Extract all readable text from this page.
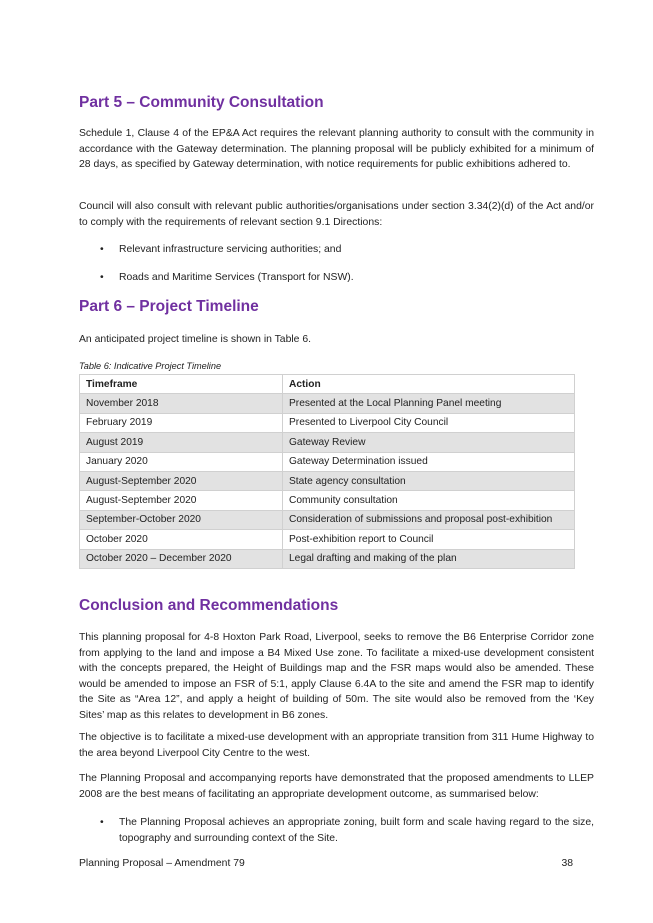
Part 5 – Community Consultation

Schedule 1, Clause 4 of the EP&A Act requires the relevant planning authority to consult with the community in accordance with the Gateway determination. The planning proposal will be publicly exhibited for a minimum of 28 days, as specified by Gateway determination, with notice requirements for public exhibitions adhered to.

Council will also consult with relevant public authorities/organisations under section 3.34(2)(d) of the Act and/or to comply with the requirements of relevant section 9.1 Directions:

• Relevant infrastructure servicing authorities; and
• Roads and Maritime Services (Transport for NSW).
Part 6 – Project Timeline

An anticipated project timeline is shown in Table 6.

Table 6: Indicative Project Timeline
Timeframe	Action
November 2018	Presented at the Local Planning Panel meeting
February 2019	Presented to Liverpool City Council
August 2019	Gateway Review
January 2020	Gateway Determination issued
August-September 2020	State agency consultation
August-September 2020	Community consultation
September-October 2020	Consideration of submissions and proposal post-exhibition
October 2020	Post-exhibition report to Council
October 2020 – December 2020	Legal drafting and making of the plan
Conclusion and Recommendations

This planning proposal for 4-8 Hoxton Park Road, Liverpool, seeks to remove the B6 Enterprise Corridor zone from applying to the land and impose a B4 Mixed Use zone. To facilitate a mixed-use development consistent with the concepts prepared, the Height of Buildings map and the FSR maps would also be amended. These would be amended to impose an FSR of 5:1, apply Clause 6.4A to the site and amend the FSR map to identify the Site as “Area 12”, and apply a height of building of 50m. The site would also be removed from the ‘Key Sites’ map as this relates to development in B6 zones.

The objective is to facilitate a mixed-use development with an appropriate transition from 311 Hume Highway to the area beyond Liverpool City Centre to the west.

The Planning Proposal and accompanying reports have demonstrated that the proposed amendments to LLEP 2008 are the best means of facilitating an appropriate development outcome, as summarised below:

• The Planning Proposal achieves an appropriate zoning, built form and scale having regard to the size, topography and surrounding context of the Site.
Planning Proposal – Amendment 79	38
